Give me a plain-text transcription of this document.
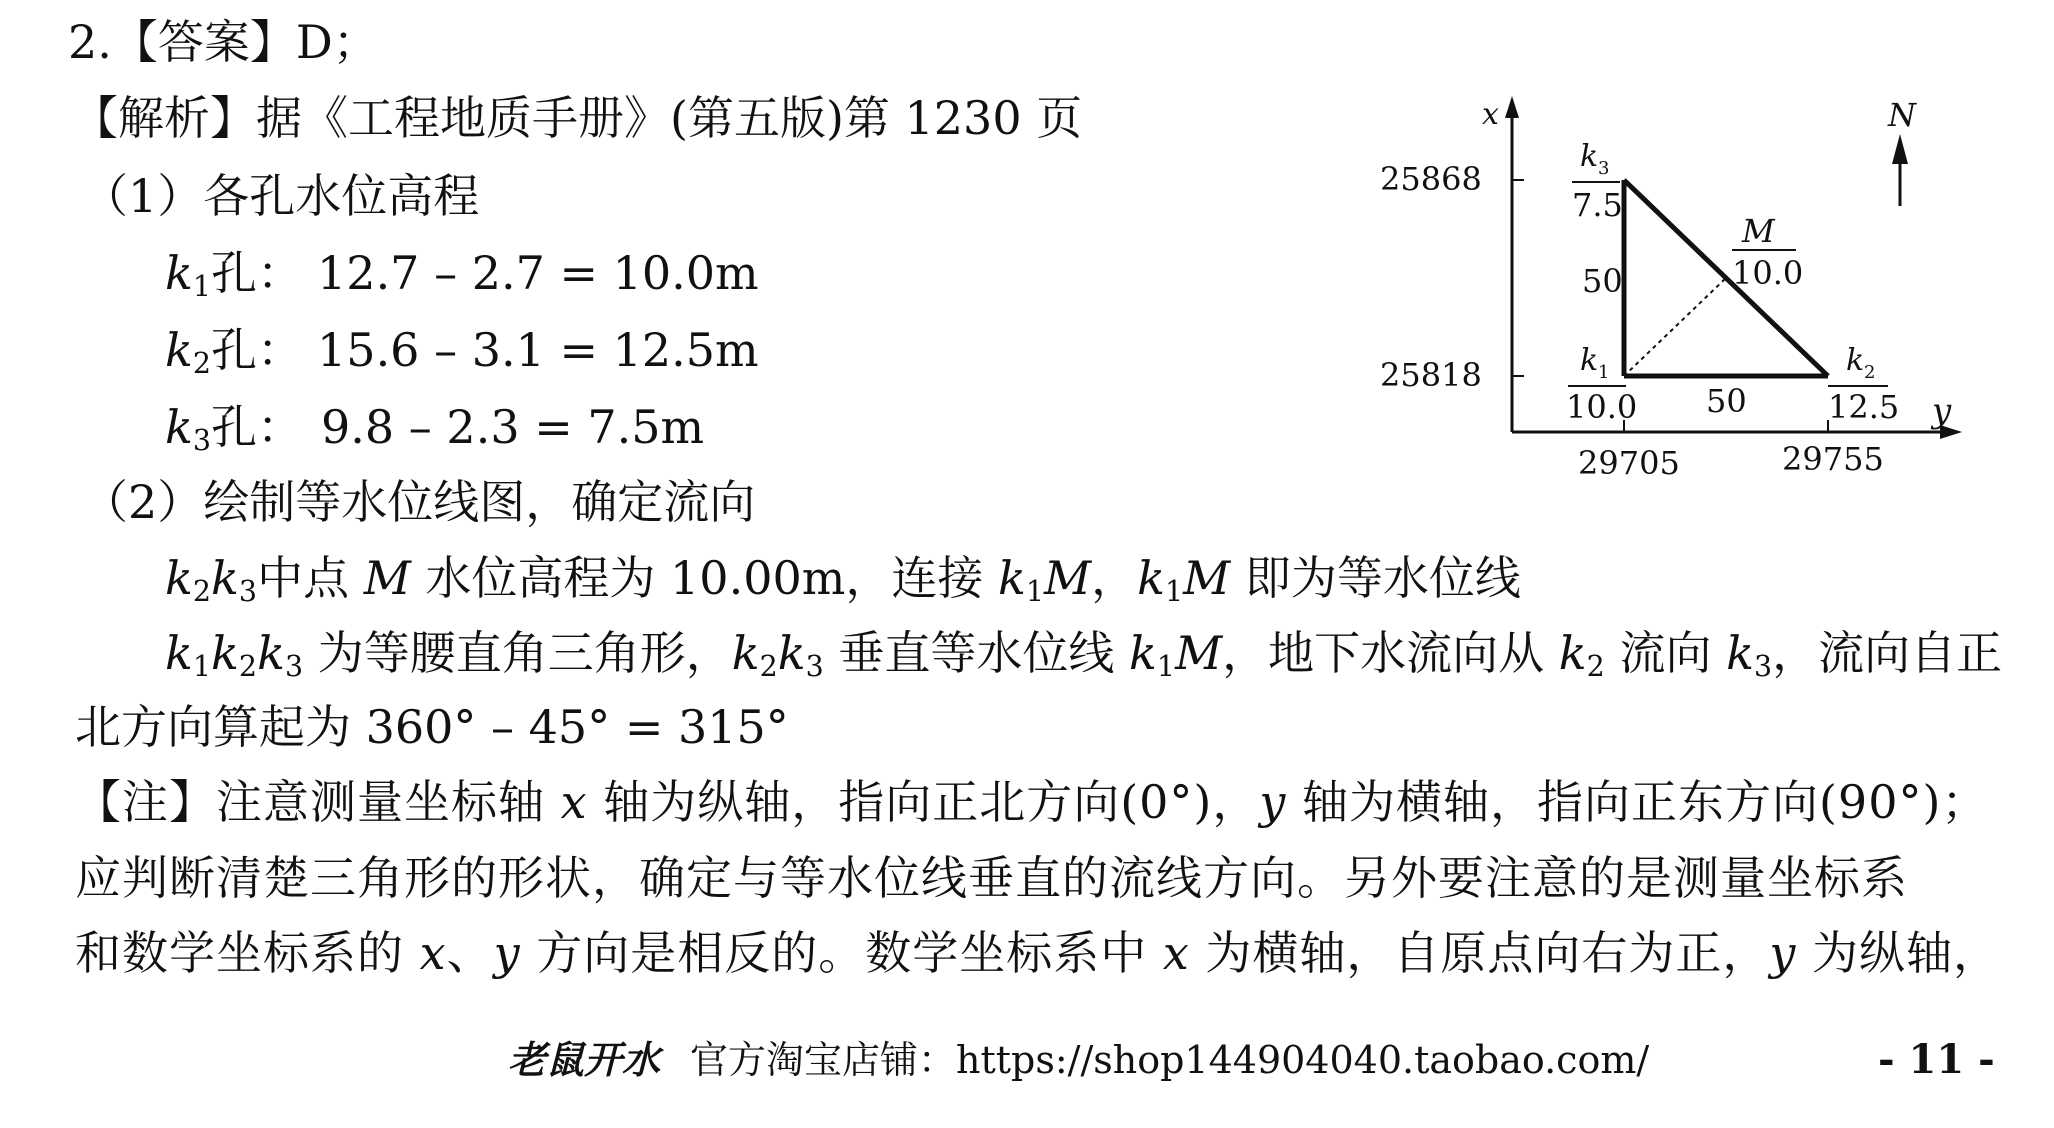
2.【答案】D；
【解析】据《工程地质手册》(第五版)第 1230 页
（1）各孔水位高程
$k_1$孔： 12.7 – 2.7 = 10.0m
$k_2$孔： 15.6 – 3.1 = 12.5m
$k_3$孔： 9.8 – 2.3 = 7.5m
（2）绘制等水位线图，确定流向
$k_2k_3$中点 M 水位高程为 10.00m，连接 $k_1M$，$k_1M$ 即为等水位线
$k_1k_2k_3$ 为等腰直角三角形，$k_2k_3$ 垂直等水位线 $k_1M$，地下水流向从 $k_2$ 流向 $k_3$，流向自正
北方向算起为 360° – 45° = 315°
【注】注意测量坐标轴 x 轴为纵轴，指向正北方向(0°)，y 轴为横轴，指向正东方向(90°)；
应判断清楚三角形的形状，确定与等水位线垂直的流线方向。另外要注意的是测量坐标系
和数学坐标系的 x、y 方向是相反的。数学坐标系中 x 为横轴，自原点向右为正，y 为纵轴，
老鼠开水 官方淘宝店铺：https://shop144904040.taobao.com/	- 11 -
x
y
25868
25818
29705	29755
50
50
k 3
7.5
k 1
10.0
k 2
12.5
M
10.0
N
